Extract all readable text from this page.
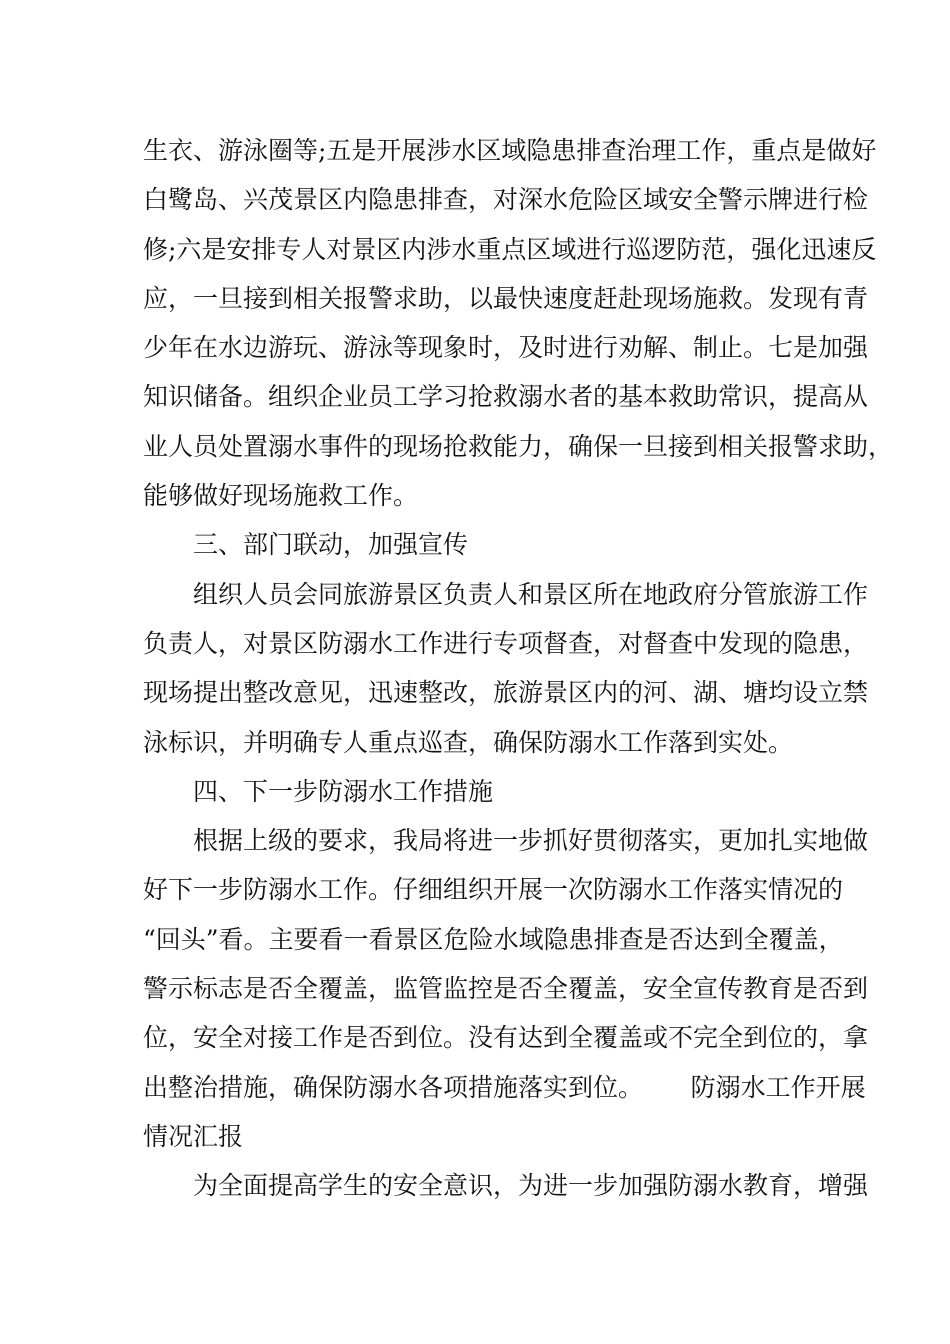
生衣、游泳圈等;五是开展涉水区域隐患排查治理工作，重点是做好
白鹭岛、兴茂景区内隐患排查，对深水危险区域安全警示牌进行检
修;六是安排专人对景区内涉水重点区域进行巡逻防范，强化迅速反
应，一旦接到相关报警求助，以最快速度赶赴现场施救。发现有青
少年在水边游玩、游泳等现象时，及时进行劝解、制止。七是加强
知识储备。组织企业员工学习抢救溺水者的基本救助常识，提高从
业人员处置溺水事件的现场抢救能力，确保一旦接到相关报警求助，
能够做好现场施救工作。
三、部门联动，加强宣传
组织人员会同旅游景区负责人和景区所在地政府分管旅游工作
负责人，对景区防溺水工作进行专项督查，对督查中发现的隐患，
现场提出整改意见，迅速整改，旅游景区内的河、湖、塘均设立禁
泳标识，并明确专人重点巡查，确保防溺水工作落到实处。
四、下一步防溺水工作措施
根据上级的要求，我局将进一步抓好贯彻落实，更加扎实地做
好下一步防溺水工作。仔细组织开展一次防溺水工作落实情况的
“回头”看。主要看一看景区危险水域隐患排查是否达到全覆盖，
警示标志是否全覆盖，监管监控是否全覆盖，安全宣传教育是否到
位，安全对接工作是否到位。没有达到全覆盖或不完全到位的，拿
出整治措施，确保防溺水各项措施落实到位。      防溺水工作开展
情况汇报
为全面提高学生的安全意识，为进一步加强防溺水教育，增强
